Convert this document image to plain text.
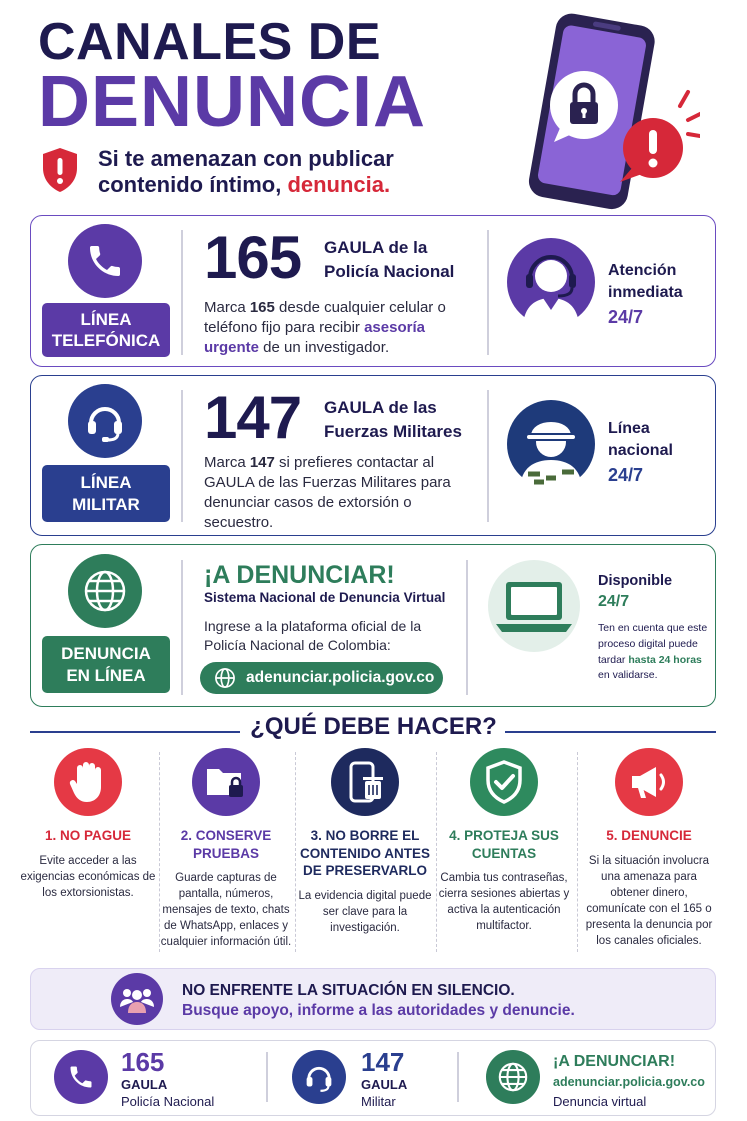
CANALES DE
DENUNCIA
Si te amenazan con publicar
contenido íntimo, denuncia.
LÍNEA
TELEFÓNICA
165 GAULA de la
Policía Nacional
Marca 165 desde cualquier celular o teléfono fijo para recibir asesoría urgente de un investigador.
Atención
inmediata
24/7
LÍNEA
MILITAR
147 GAULA de las
Fuerzas Militares
Marca 147 si prefieres contactar al GAULA de las Fuerzas Militares para denunciar casos de extorsión o secuestro.
Línea
nacional
24/7
DENUNCIA
EN LÍNEA
¡A DENUNCIAR!
Sistema Nacional de Denuncia Virtual
Ingrese a la plataforma oficial de la Policía Nacional de Colombia:
adenunciar.policia.gov.co
Disponible
24/7
Ten en cuenta que este proceso digital puede tardar hasta 24 horas en validarse.
¿QUÉ DEBE HACER?
1. NO PAGUE
Evite acceder a las exigencias económicas de los extorsionistas.
2. CONSERVE PRUEBAS
Guarde capturas de pantalla, números, mensajes de texto, chats de WhatsApp, enlaces y cualquier información útil.
3. NO BORRE EL CONTENIDO ANTES DE PRESERVARLO
La evidencia digital puede ser clave para la investigación.
4. PROTEJA SUS CUENTAS
Cambia tus contraseñas, cierra sesiones abiertas y activa la autenticación multifactor.
5. DENUNCIE
Si la situación involucra una amenaza para obtener dinero, comunícate con el 165 o presenta la denuncia por los canales oficiales.
NO ENFRENTE LA SITUACIÓN EN SILENCIO.
Busque apoyo, informe a las autoridades y denuncie.
165
GAULA
Policía Nacional
147
GAULA
Militar
¡A DENUNCIAR!
adenunciar.policia.gov.co
Denuncia virtual
